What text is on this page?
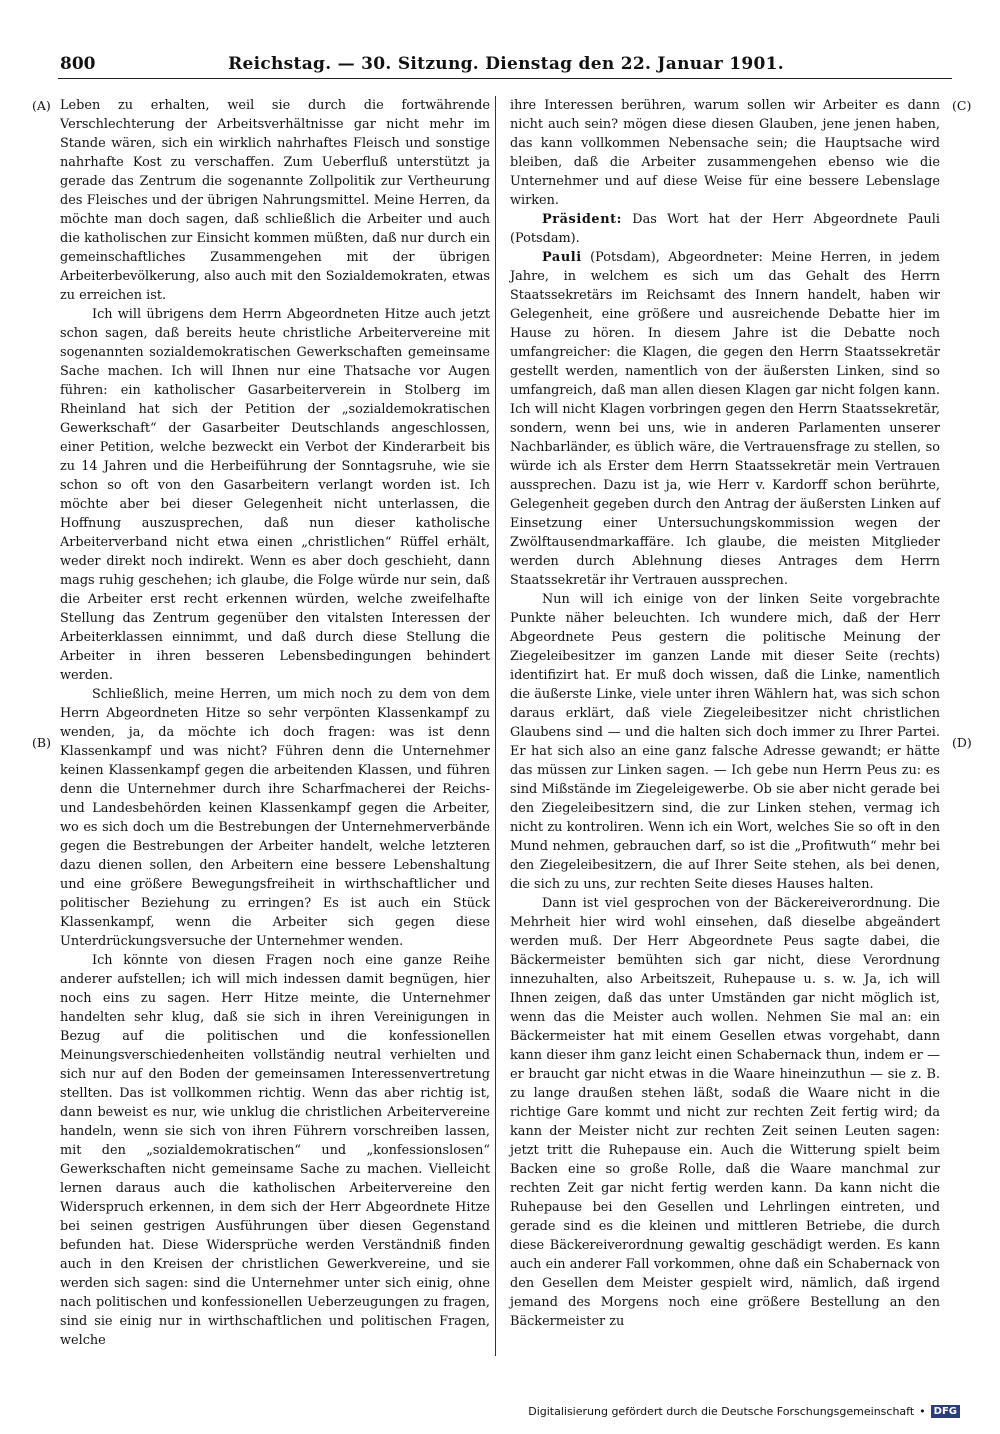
800	Reichstag. — 30. Sitzung. Dienstag den 22. Januar 1901.
(A)
(B)
(C)
(D)

Leben zu erhalten, weil sie durch die fortwährende Verschlechterung der Arbeitsverhältnisse gar nicht mehr im Stande wären, sich ein wirklich nahrhaftes Fleisch und sonstige nahrhafte Kost zu verschaffen. Zum Ueberfluß unterstützt ja gerade das Zentrum die sogenannte Zollpolitik zur Vertheurung des Fleisches und der übrigen Nahrungsmittel. Meine Herren, da möchte man doch sagen, daß schließlich die Arbeiter und auch die katholischen zur Einsicht kommen müßten, daß nur durch ein gemeinschaftliches Zusammengehen mit der übrigen Arbeiterbevölkerung, also auch mit den Sozialdemokraten, etwas zu erreichen ist.

Ich will übrigens dem Herrn Abgeordneten Hitze auch jetzt schon sagen, daß bereits heute christliche Arbeitervereine mit sogenannten sozialdemokratischen Gewerkschaften gemeinsame Sache machen. Ich will Ihnen nur eine Thatsache vor Augen führen: ein katholischer Gasarbeiterverein in Stolberg im Rheinland hat sich der Petition der „sozialdemokratischen Gewerkschaft“ der Gasarbeiter Deutschlands angeschlossen, einer Petition, welche bezweckt ein Verbot der Kinderarbeit bis zu 14 Jahren und die Herbeiführung der Sonntagsruhe, wie sie schon so oft von den Gasarbeitern verlangt worden ist. Ich möchte aber bei dieser Gelegenheit nicht unterlassen, die Hoffnung auszusprechen, daß nun dieser katholische Arbeiterverband nicht etwa einen „christlichen“ Rüffel erhält, weder direkt noch indirekt. Wenn es aber doch geschieht, dann mags ruhig geschehen; ich glaube, die Folge würde nur sein, daß die Arbeiter erst recht erkennen würden, welche zweifelhafte Stellung das Zentrum gegenüber den vitalsten Interessen der Arbeiterklassen einnimmt, und daß durch diese Stellung die Arbeiter in ihren besseren Lebensbedingungen behindert werden.

Schließlich, meine Herren, um mich noch zu dem von dem Herrn Abgeordneten Hitze so sehr verpönten Klassenkampf zu wenden, ja, da möchte ich doch fragen: was ist denn Klassenkampf und was nicht? Führen denn die Unternehmer keinen Klassenkampf gegen die arbeitenden Klassen, und führen denn die Unternehmer durch ihre Scharfmacherei der Reichs- und Landesbehörden keinen Klassenkampf gegen die Arbeiter, wo es sich doch um die Bestrebungen der Unternehmerverbände gegen die Bestrebungen der Arbeiter handelt, welche letzteren dazu dienen sollen, den Arbeitern eine bessere Lebenshaltung und eine größere Bewegungsfreiheit in wirthschaftlicher und politischer Beziehung zu erringen? Es ist auch ein Stück Klassenkampf, wenn die Arbeiter sich gegen diese Unterdrückungsversuche der Unternehmer wenden.

Ich könnte von diesen Fragen noch eine ganze Reihe anderer aufstellen; ich will mich indessen damit begnügen, hier noch eins zu sagen. Herr Hitze meinte, die Unternehmer handelten sehr klug, daß sie sich in ihren Vereinigungen in Bezug auf die politischen und die konfessionellen Meinungsverschiedenheiten vollständig neutral verhielten und sich nur auf den Boden der gemeinsamen Interessenvertretung stellten. Das ist vollkommen richtig. Wenn das aber richtig ist, dann beweist es nur, wie unklug die christlichen Arbeitervereine handeln, wenn sie sich von ihren Führern vorschreiben lassen, mit den „sozialdemokratischen“ und „konfessionslosen“ Gewerkschaften nicht gemeinsame Sache zu machen. Vielleicht lernen daraus auch die katholischen Arbeitervereine den Widerspruch erkennen, in dem sich der Herr Abgeordnete Hitze bei seinen gestrigen Ausführungen über diesen Gegenstand befunden hat. Diese Widersprüche werden Verständniß finden auch in den Kreisen der christlichen Gewerkvereine, und sie werden sich sagen: sind die Unternehmer unter sich einig, ohne nach politischen und konfessionellen Ueberzeugungen zu fragen, sind sie einig nur in wirthschaftlichen und politischen Fragen, welche

ihre Interessen berühren, warum sollen wir Arbeiter es dann nicht auch sein? mögen diese diesen Glauben, jene jenen haben, das kann vollkommen Nebensache sein; die Hauptsache wird bleiben, daß die Arbeiter zusammengehen ebenso wie die Unternehmer und auf diese Weise für eine bessere Lebenslage wirken.

Präsident: Das Wort hat der Herr Abgeordnete Pauli (Potsdam).

Pauli (Potsdam), Abgeordneter: Meine Herren, in jedem Jahre, in welchem es sich um das Gehalt des Herrn Staatssekretärs im Reichsamt des Innern handelt, haben wir Gelegenheit, eine größere und ausreichende Debatte hier im Hause zu hören. In diesem Jahre ist die Debatte noch umfangreicher: die Klagen, die gegen den Herrn Staatssekretär gestellt werden, namentlich von der äußersten Linken, sind so umfangreich, daß man allen diesen Klagen gar nicht folgen kann. Ich will nicht Klagen vorbringen gegen den Herrn Staatssekretär, sondern, wenn bei uns, wie in anderen Parlamenten unserer Nachbarländer, es üblich wäre, die Vertrauensfrage zu stellen, so würde ich als Erster dem Herrn Staatssekretär mein Vertrauen aussprechen. Dazu ist ja, wie Herr v. Kardorff schon berührte, Gelegenheit gegeben durch den Antrag der äußersten Linken auf Einsetzung einer Untersuchungskommission wegen der Zwölftausendmarkaffäre. Ich glaube, die meisten Mitglieder werden durch Ablehnung dieses Antrages dem Herrn Staatssekretär ihr Vertrauen aussprechen.

Nun will ich einige von der linken Seite vorgebrachte Punkte näher beleuchten. Ich wundere mich, daß der Herr Abgeordnete Peus gestern die politische Meinung der Ziegeleibesitzer im ganzen Lande mit dieser Seite (rechts) identifizirt hat. Er muß doch wissen, daß die Linke, namentlich die äußerste Linke, viele unter ihren Wählern hat, was sich schon daraus erklärt, daß viele Ziegeleibesitzer nicht christlichen Glaubens sind — und die halten sich doch immer zu Ihrer Partei. Er hat sich also an eine ganz falsche Adresse gewandt; er hätte das müssen zur Linken sagen. — Ich gebe nun Herrn Peus zu: es sind Mißstände im Ziegeleigewerbe. Ob sie aber nicht gerade bei den Ziegeleibesitzern sind, die zur Linken stehen, vermag ich nicht zu kontroliren. Wenn ich ein Wort, welches Sie so oft in den Mund nehmen, gebrauchen darf, so ist die „Profitwuth“ mehr bei den Ziegeleibesitzern, die auf Ihrer Seite stehen, als bei denen, die sich zu uns, zur rechten Seite dieses Hauses halten.

Dann ist viel gesprochen von der Bäckereiverordnung. Die Mehrheit hier wird wohl einsehen, daß dieselbe abgeändert werden muß. Der Herr Abgeordnete Peus sagte dabei, die Bäckermeister bemühten sich gar nicht, diese Verordnung innezuhalten, also Arbeitszeit, Ruhepause u. s. w. Ja, ich will Ihnen zeigen, daß das unter Umständen gar nicht möglich ist, wenn das die Meister auch wollen. Nehmen Sie mal an: ein Bäckermeister hat mit einem Gesellen etwas vorgehabt, dann kann dieser ihm ganz leicht einen Schabernack thun, indem er — er braucht gar nicht etwas in die Waare hineinzuthun — sie z. B. zu lange draußen stehen läßt, sodaß die Waare nicht in die richtige Gare kommt und nicht zur rechten Zeit fertig wird; da kann der Meister nicht zur rechten Zeit seinen Leuten sagen: jetzt tritt die Ruhepause ein. Auch die Witterung spielt beim Backen eine so große Rolle, daß die Waare manchmal zur rechten Zeit gar nicht fertig werden kann. Da kann nicht die Ruhepause bei den Gesellen und Lehrlingen eintreten, und gerade sind es die kleinen und mittleren Betriebe, die durch diese Bäckereiverordnung gewaltig geschädigt werden. Es kann auch ein anderer Fall vorkommen, ohne daß ein Schabernack von den Gesellen dem Meister gespielt wird, nämlich, daß irgend jemand des Morgens noch eine größere Bestellung an den Bäckermeister zu

Digitalisierung gefördert durch die Deutsche Forschungsgemeinschaft • DFG
